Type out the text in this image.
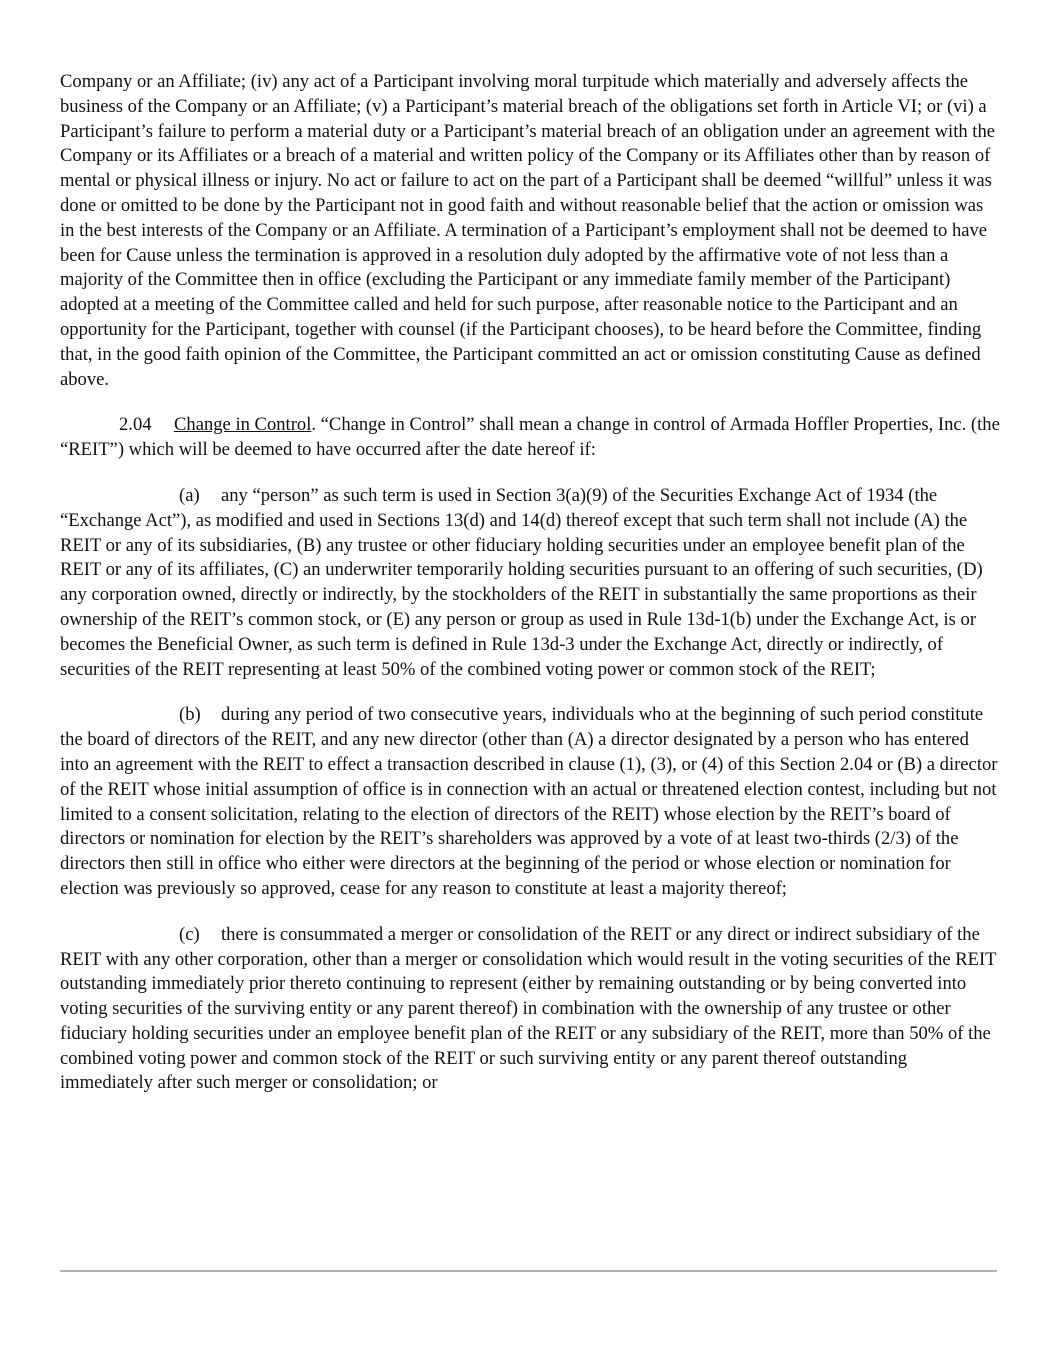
Company or an Affiliate; (iv) any act of a Participant involving moral turpitude which materially and adversely affects the business of the Company or an Affiliate; (v) a Participant’s material breach of the obligations set forth in Article VI; or (vi) a Participant’s failure to perform a material duty or a Participant’s material breach of an obligation under an agreement with the Company or its Affiliates or a breach of a material and written policy of the Company or its Affiliates other than by reason of mental or physical illness or injury. No act or failure to act on the part of a Participant shall be deemed “willful” unless it was done or omitted to be done by the Participant not in good faith and without reasonable belief that the action or omission was in the best interests of the Company or an Affiliate. A termination of a Participant’s employment shall not be deemed to have been for Cause unless the termination is approved in a resolution duly adopted by the affirmative vote of not less than a majority of the Committee then in office (excluding the Participant or any immediate family member of the Participant) adopted at a meeting of the Committee called and held for such purpose, after reasonable notice to the Participant and an opportunity for the Participant, together with counsel (if the Participant chooses), to be heard before the Committee, finding that, in the good faith opinion of the Committee, the Participant committed an act or omission constituting Cause as defined above.

2.04 Change in Control. “Change in Control” shall mean a change in control of Armada Hoffler Properties, Inc. (the “REIT”) which will be deemed to have occurred after the date hereof if:

(a) any “person” as such term is used in Section 3(a)(9) of the Securities Exchange Act of 1934 (the “Exchange Act”), as modified and used in Sections 13(d) and 14(d) thereof except that such term shall not include (A) the REIT or any of its subsidiaries, (B) any trustee or other fiduciary holding securities under an employee benefit plan of the REIT or any of its affiliates, (C) an underwriter temporarily holding securities pursuant to an offering of such securities, (D) any corporation owned, directly or indirectly, by the stockholders of the REIT in substantially the same proportions as their ownership of the REIT’s common stock, or (E) any person or group as used in Rule 13d-1(b) under the Exchange Act, is or becomes the Beneficial Owner, as such term is defined in Rule 13d-3 under the Exchange Act, directly or indirectly, of securities of the REIT representing at least 50% of the combined voting power or common stock of the REIT;

(b) during any period of two consecutive years, individuals who at the beginning of such period constitute the board of directors of the REIT, and any new director (other than (A) a director designated by a person who has entered into an agreement with the REIT to effect a transaction described in clause (1), (3), or (4) of this Section 2.04 or (B) a director of the REIT whose initial assumption of office is in connection with an actual or threatened election contest, including but not limited to a consent solicitation, relating to the election of directors of the REIT) whose election by the REIT’s board of directors or nomination for election by the REIT’s shareholders was approved by a vote of at least two-thirds (2/3) of the directors then still in office who either were directors at the beginning of the period or whose election or nomination for election was previously so approved, cease for any reason to constitute at least a majority thereof;

(c) there is consummated a merger or consolidation of the REIT or any direct or indirect subsidiary of the REIT with any other corporation, other than a merger or consolidation which would result in the voting securities of the REIT outstanding immediately prior thereto continuing to represent (either by remaining outstanding or by being converted into voting securities of the surviving entity or any parent thereof) in combination with the ownership of any trustee or other fiduciary holding securities under an employee benefit plan of the REIT or any subsidiary of the REIT, more than 50% of the combined voting power and common stock of the REIT or such surviving entity or any parent thereof outstanding immediately after such merger or consolidation; or
